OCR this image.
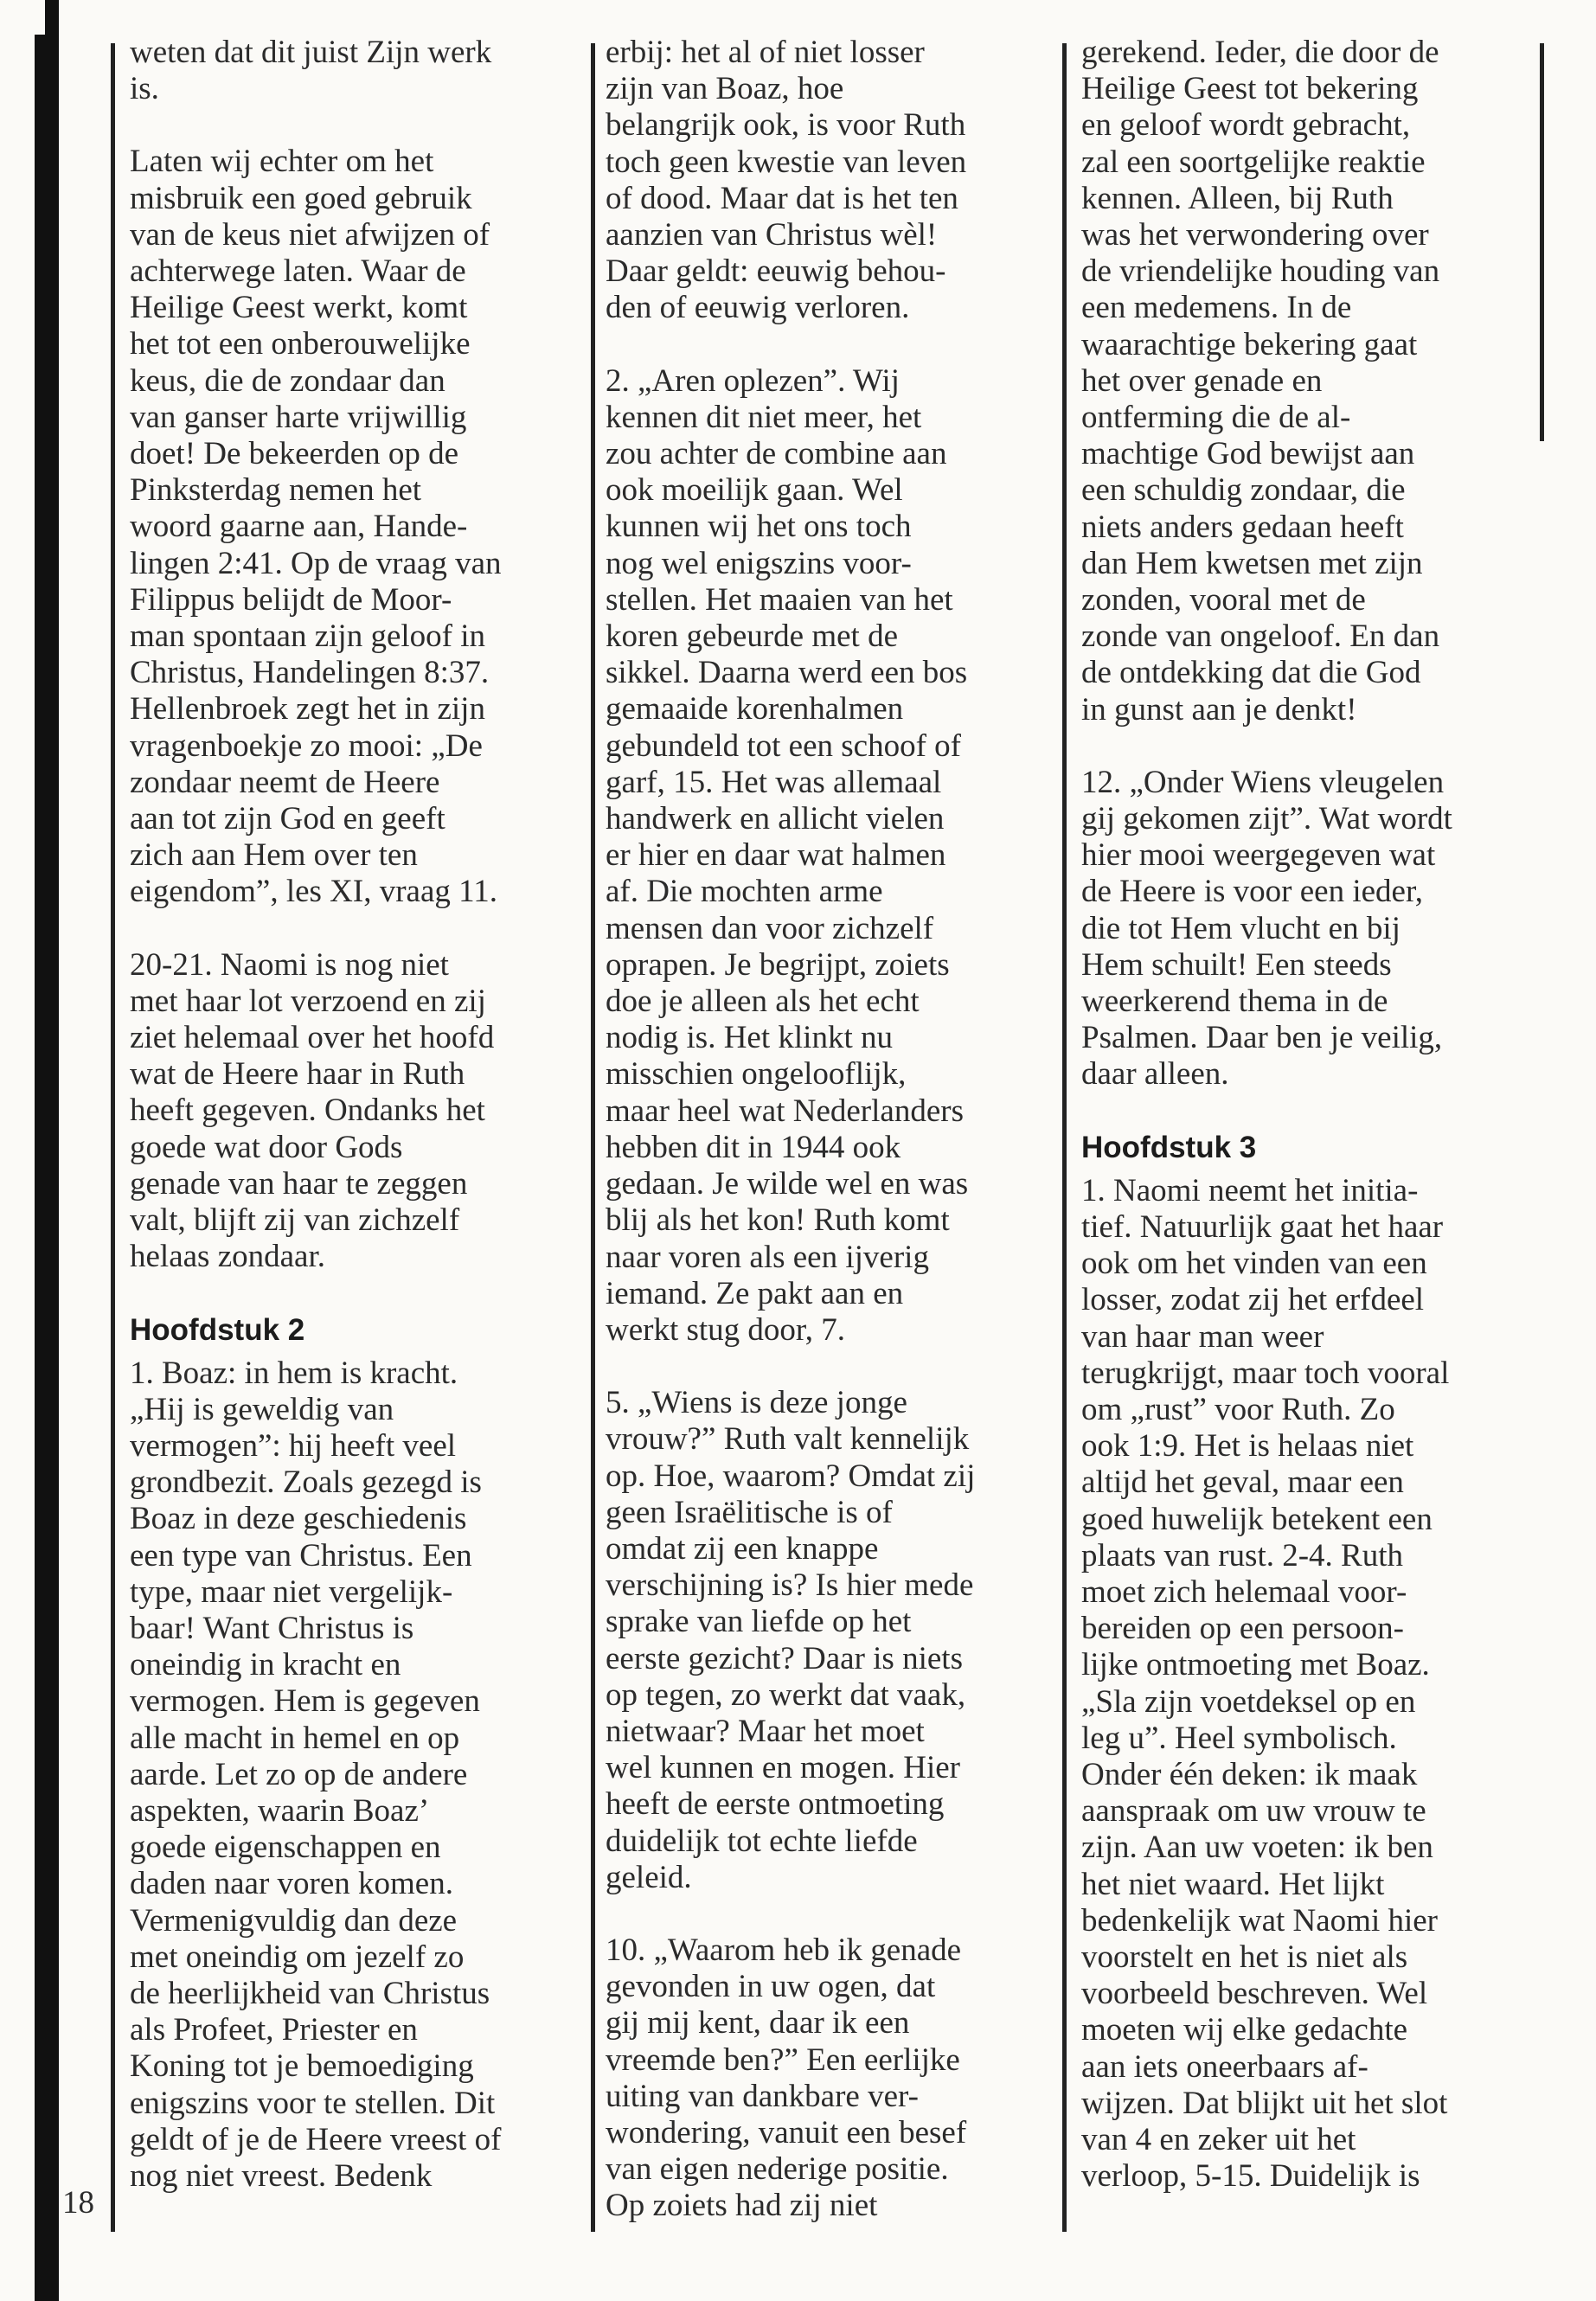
18

weten dat dit juist Zijn werk
is.

Laten wij echter om het
misbruik een goed gebruik
van de keus niet afwijzen of
achterwege laten. Waar de
Heilige Geest werkt, komt
het tot een onberouwelijke
keus, die de zondaar dan
van ganser harte vrijwillig
doet! De bekeerden op de
Pinksterdag nemen het
woord gaarne aan, Hande-
lingen 2:41. Op de vraag van
Filippus belijdt de Moor-
man spontaan zijn geloof in
Christus, Handelingen 8:37.
Hellenbroek zegt het in zijn
vragenboekje zo mooi: „De
zondaar neemt de Heere
aan tot zijn God en geeft
zich aan Hem over ten
eigendom”, les XI, vraag 11.

20-21. Naomi is nog niet
met haar lot verzoend en zij
ziet helemaal over het hoofd
wat de Heere haar in Ruth
heeft gegeven. Ondanks het
goede wat door Gods
genade van haar te zeggen
valt, blijft zij van zichzelf
helaas zondaar.

Hoofdstuk 2

1. Boaz: in hem is kracht.
„Hij is geweldig van
vermogen”: hij heeft veel
grondbezit. Zoals gezegd is
Boaz in deze geschiedenis
een type van Christus. Een
type, maar niet vergelijk-
baar! Want Christus is
oneindig in kracht en
vermogen. Hem is gegeven
alle macht in hemel en op
aarde. Let zo op de andere
aspekten, waarin Boaz’
goede eigenschappen en
daden naar voren komen.
Vermenigvuldig dan deze
met oneindig om jezelf zo
de heerlijkheid van Christus
als Profeet, Priester en
Koning tot je bemoediging
enigszins voor te stellen. Dit
geldt of je de Heere vreest of
nog niet vreest. Bedenk

erbij: het al of niet losser
zijn van Boaz, hoe
belangrijk ook, is voor Ruth
toch geen kwestie van leven
of dood. Maar dat is het ten
aanzien van Christus wèl!
Daar geldt: eeuwig behou-
den of eeuwig verloren.

2. „Aren oplezen”. Wij
kennen dit niet meer, het
zou achter de combine aan
ook moeilijk gaan. Wel
kunnen wij het ons toch
nog wel enigszins voor-
stellen. Het maaien van het
koren gebeurde met de
sikkel. Daarna werd een bos
gemaaide korenhalmen
gebundeld tot een schoof of
garf, 15. Het was allemaal
handwerk en allicht vielen
er hier en daar wat halmen
af. Die mochten arme
mensen dan voor zichzelf
oprapen. Je begrijpt, zoiets
doe je alleen als het echt
nodig is. Het klinkt nu
misschien ongelooflijk,
maar heel wat Nederlanders
hebben dit in 1944 ook
gedaan. Je wilde wel en was
blij als het kon! Ruth komt
naar voren als een ijverig
iemand. Ze pakt aan en
werkt stug door, 7.

5. „Wiens is deze jonge
vrouw?” Ruth valt kennelijk
op. Hoe, waarom? Omdat zij
geen Israëlitische is of
omdat zij een knappe
verschijning is? Is hier mede
sprake van liefde op het
eerste gezicht? Daar is niets
op tegen, zo werkt dat vaak,
nietwaar? Maar het moet
wel kunnen en mogen. Hier
heeft de eerste ontmoeting
duidelijk tot echte liefde
geleid.

10. „Waarom heb ik genade
gevonden in uw ogen, dat
gij mij kent, daar ik een
vreemde ben?” Een eerlijke
uiting van dankbare ver-
wondering, vanuit een besef
van eigen nederige positie.
Op zoiets had zij niet

gerekend. Ieder, die door de
Heilige Geest tot bekering
en geloof wordt gebracht,
zal een soortgelijke reaktie
kennen. Alleen, bij Ruth
was het verwondering over
de vriendelijke houding van
een medemens. In de
waarachtige bekering gaat
het over genade en
ontferming die de al-
machtige God bewijst aan
een schuldig zondaar, die
niets anders gedaan heeft
dan Hem kwetsen met zijn
zonden, vooral met de
zonde van ongeloof. En dan
de ontdekking dat die God
in gunst aan je denkt!

12. „Onder Wiens vleugelen
gij gekomen zijt”. Wat wordt
hier mooi weergegeven wat
de Heere is voor een ieder,
die tot Hem vlucht en bij
Hem schuilt! Een steeds
weerkerend thema in de
Psalmen. Daar ben je veilig,
daar alleen.

Hoofdstuk 3

1. Naomi neemt het initia-
tief. Natuurlijk gaat het haar
ook om het vinden van een
losser, zodat zij het erfdeel
van haar man weer
terugkrijgt, maar toch vooral
om „rust” voor Ruth. Zo
ook 1:9. Het is helaas niet
altijd het geval, maar een
goed huwelijk betekent een
plaats van rust. 2-4. Ruth
moet zich helemaal voor-
bereiden op een persoon-
lijke ontmoeting met Boaz.
„Sla zijn voetdeksel op en
leg u”. Heel symbolisch.
Onder één deken: ik maak
aanspraak om uw vrouw te
zijn. Aan uw voeten: ik ben
het niet waard. Het lijkt
bedenkelijk wat Naomi hier
voorstelt en het is niet als
voorbeeld beschreven. Wel
moeten wij elke gedachte
aan iets oneerbaars af-
wijzen. Dat blijkt uit het slot
van 4 en zeker uit het
verloop, 5-15. Duidelijk is
